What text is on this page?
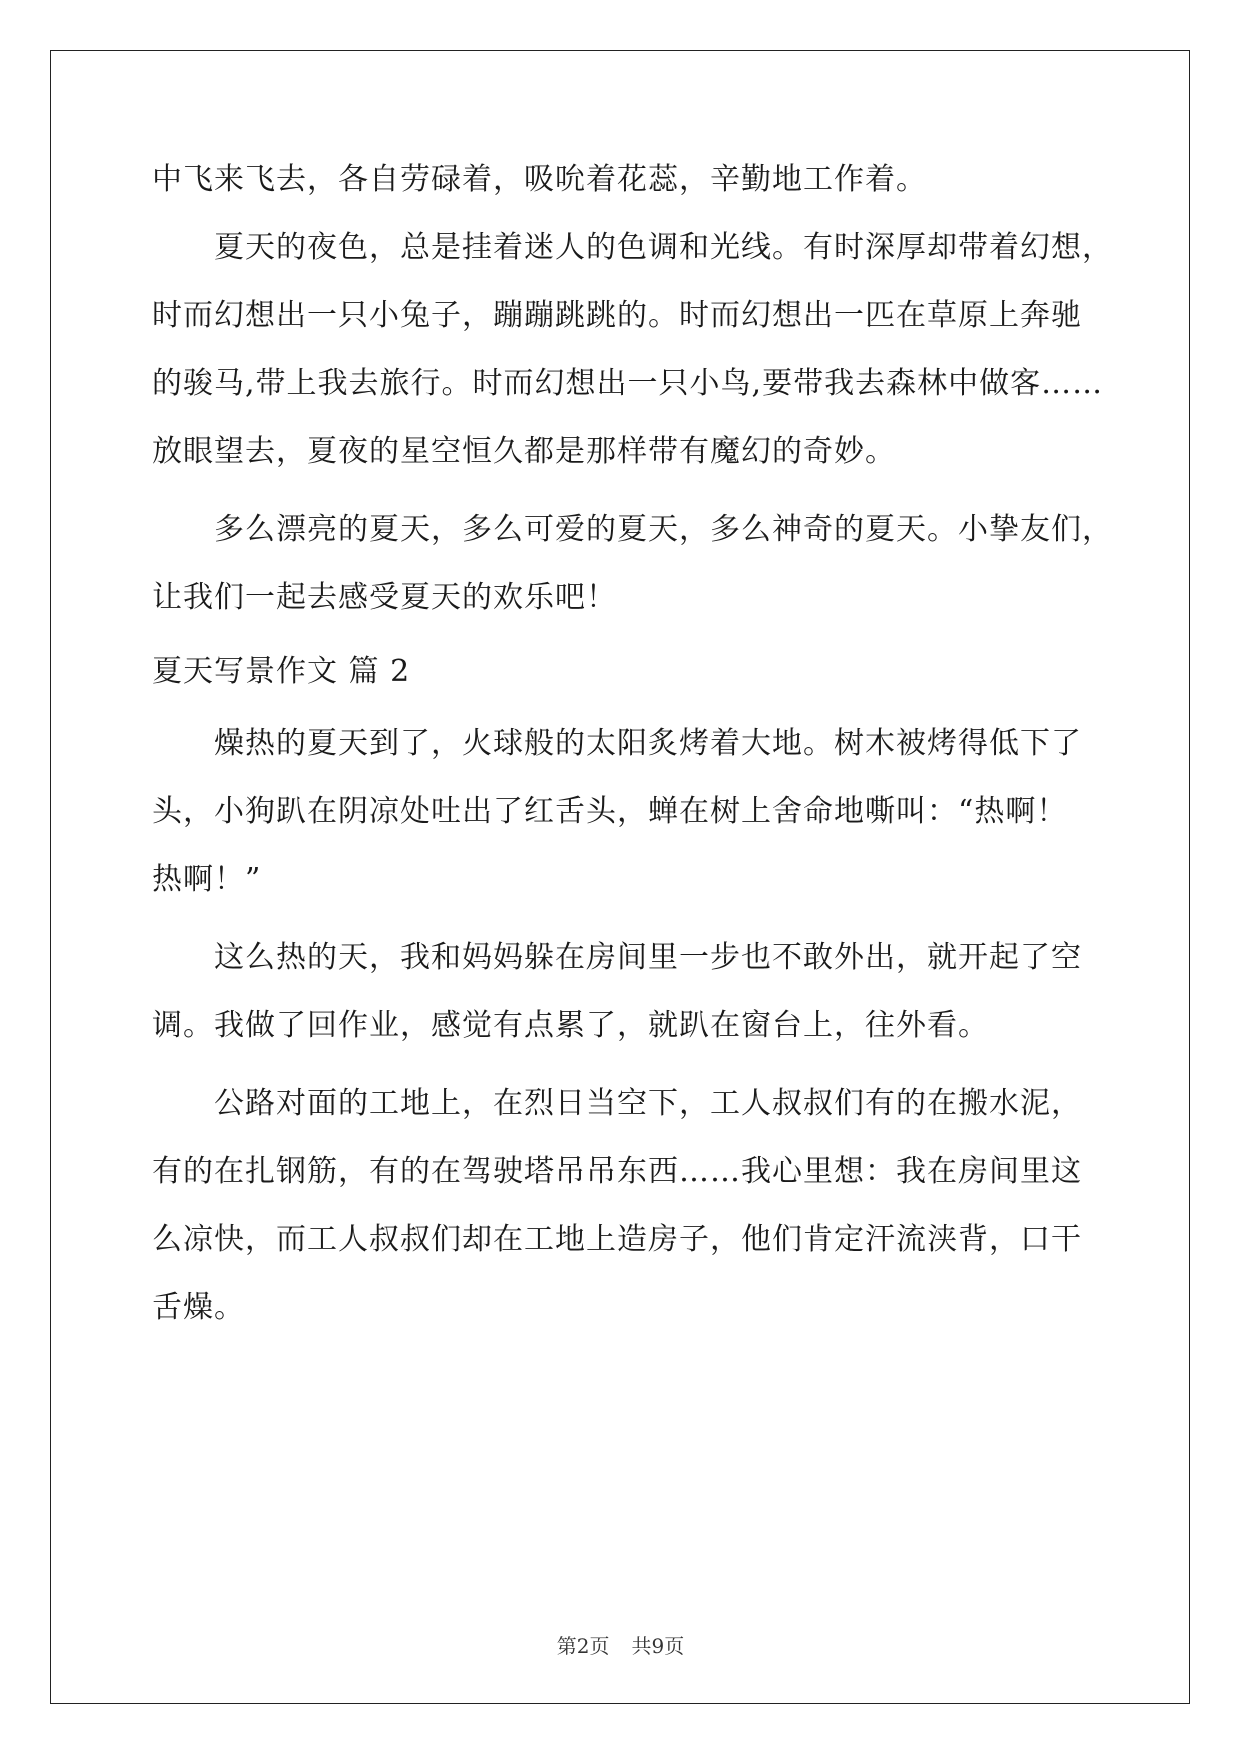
中飞来飞去，各自劳碌着，吸吮着花蕊，辛勤地工作着。
夏天的夜色，总是挂着迷人的色调和光线。有时深厚却带着幻想，
时而幻想出一只小兔子，蹦蹦跳跳的。时而幻想出一匹在草原上奔驰
的骏马,带上我去旅行。时而幻想出一只小鸟,要带我去森林中做客……
放眼望去，夏夜的星空恒久都是那样带有魔幻的奇妙。
多么漂亮的夏天，多么可爱的夏天，多么神奇的夏天。小挚友们，
让我们一起去感受夏天的欢乐吧！
夏天写景作文 篇 2
燥热的夏天到了，火球般的太阳炙烤着大地。树木被烤得低下了
头，小狗趴在阴凉处吐出了红舌头，蝉在树上舍命地嘶叫：“热啊！
热啊！”
这么热的天，我和妈妈躲在房间里一步也不敢外出，就开起了空
调。我做了回作业，感觉有点累了，就趴在窗台上，往外看。
公路对面的工地上，在烈日当空下，工人叔叔们有的在搬水泥，
有的在扎钢筋，有的在驾驶塔吊吊东西……我心里想：我在房间里这
么凉快，而工人叔叔们却在工地上造房子，他们肯定汗流浃背，口干
舌燥。
第2页 共9页
